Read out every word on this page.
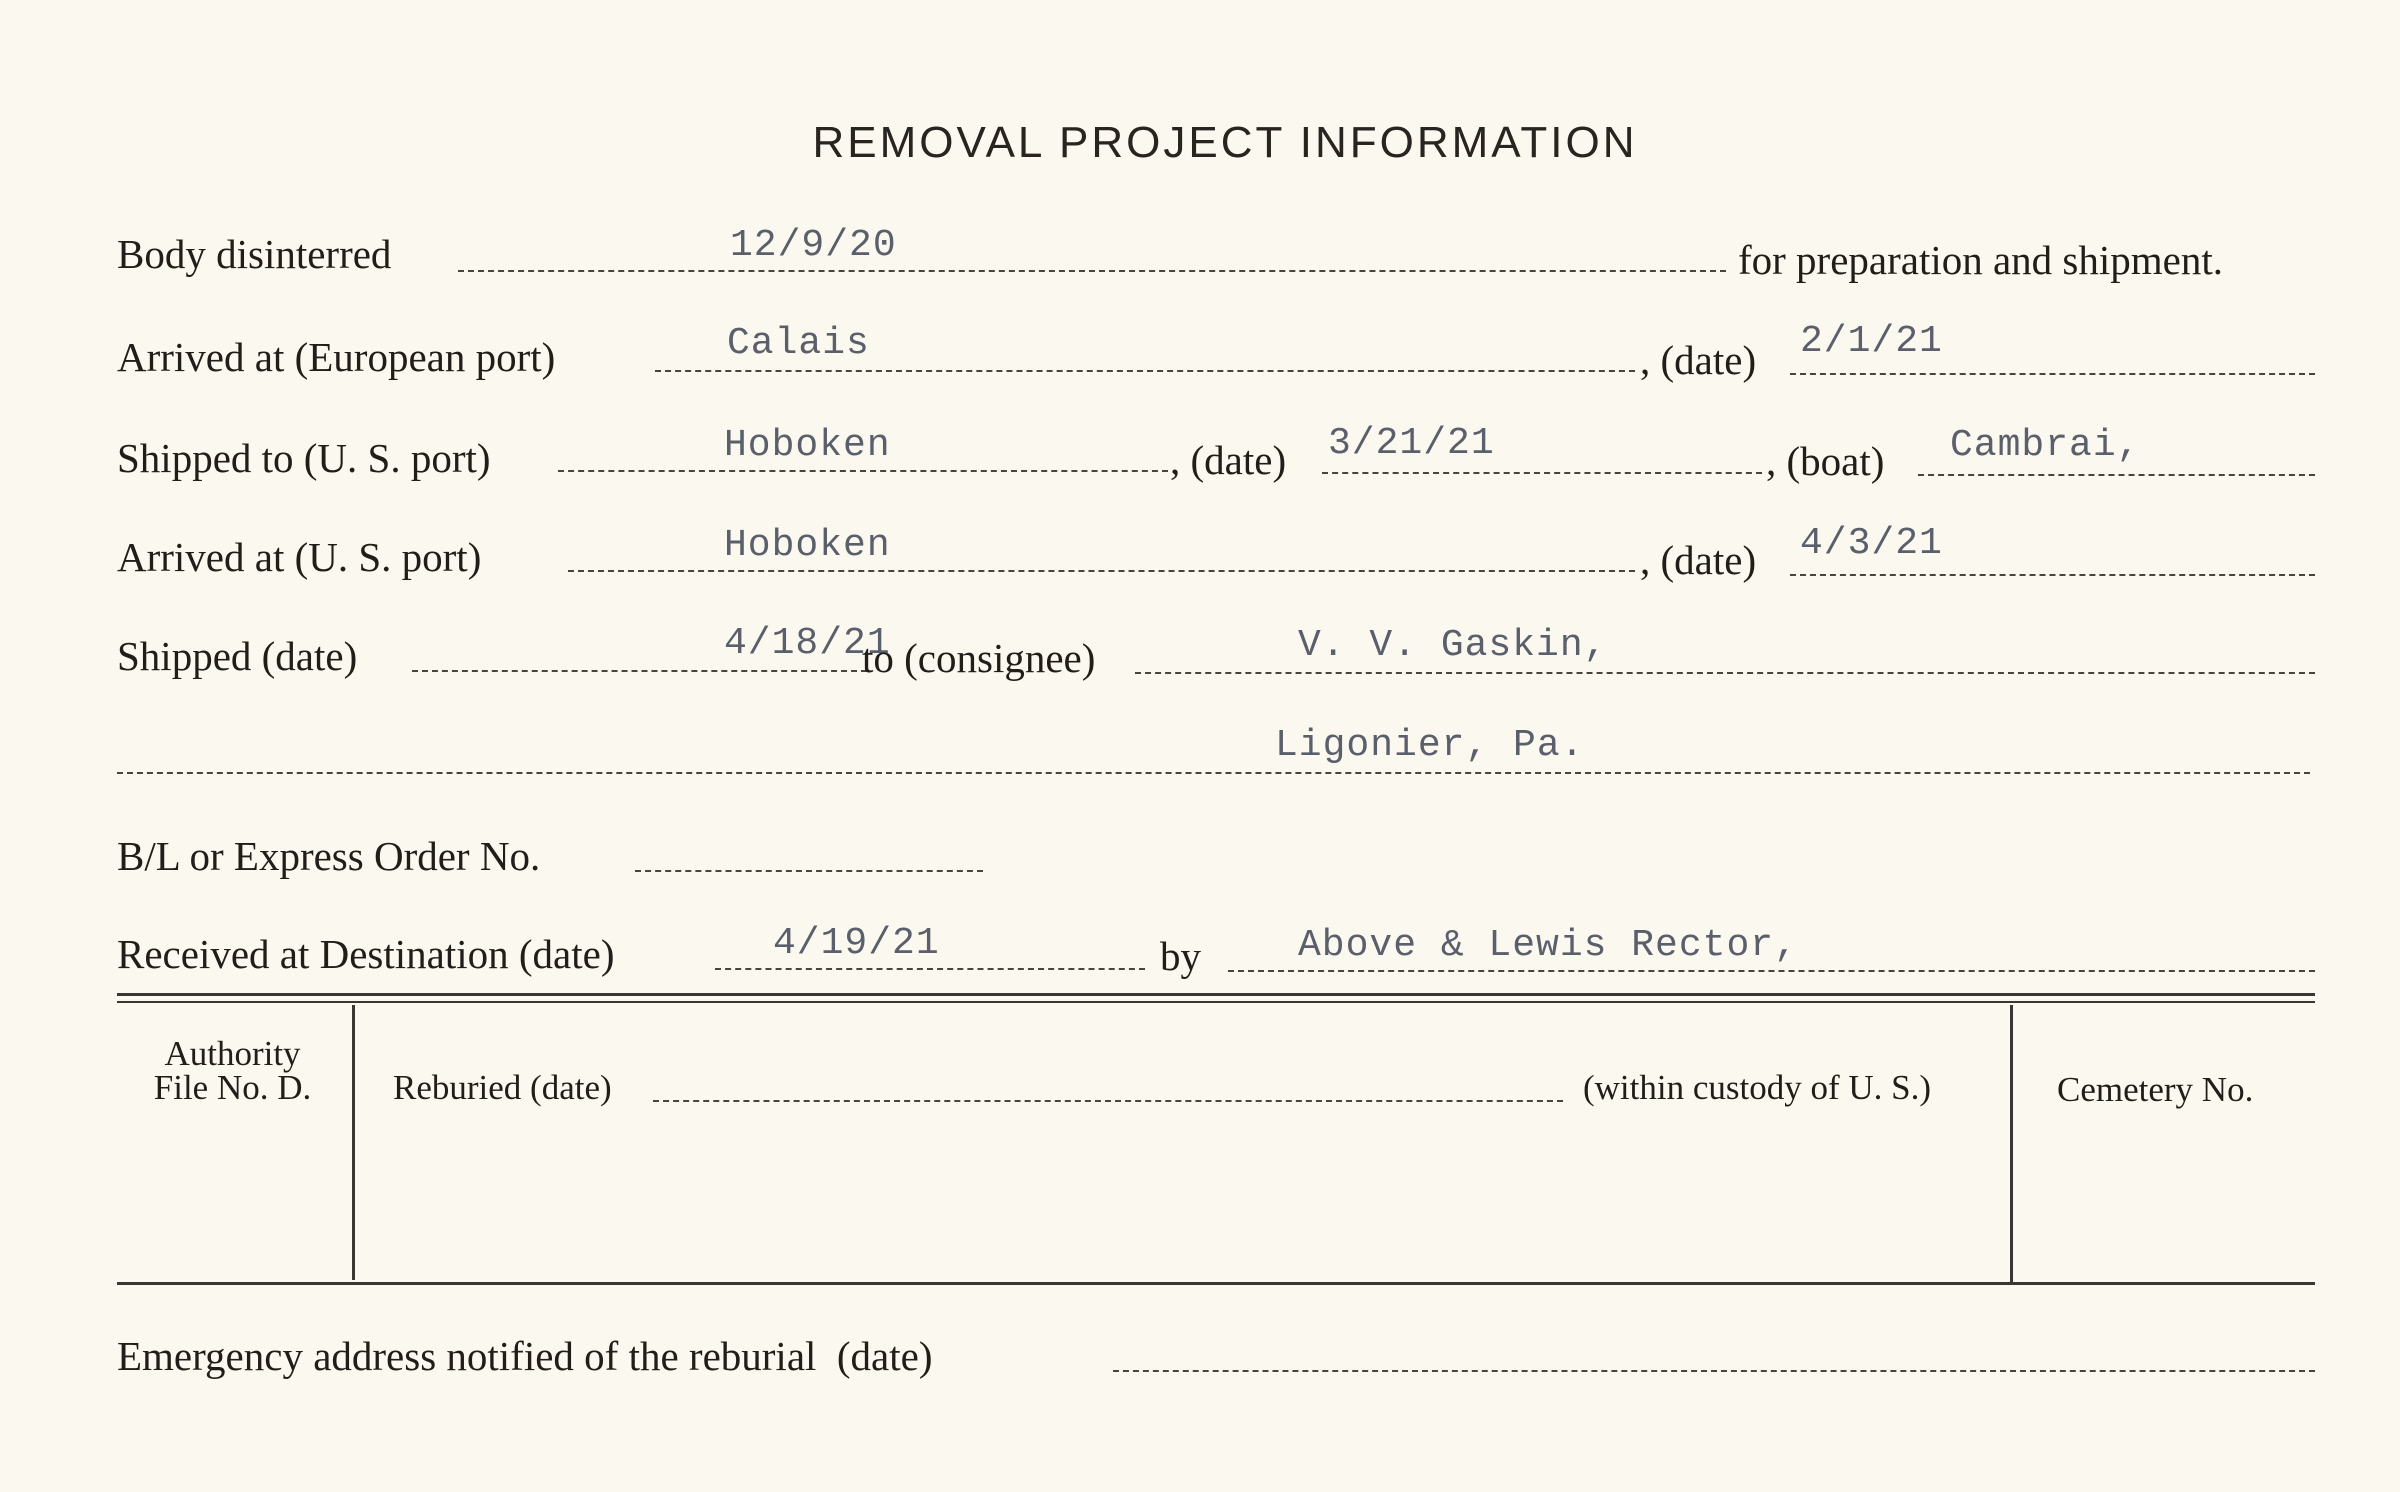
REMOVAL PROJECT INFORMATION
Body disinterred	12/9/20	for preparation and shipment.
Arrived at (European port)	Calais	, (date) 2/1/21
Shipped to (U. S. port)	Hoboken	, (date) 3/21/21	, (boat) Cambrai,
Arrived at (U. S. port)	Hoboken	, (date) 4/3/21
Shipped (date)	4/18/21
to (consignee)	V. V. Gaskin,
Ligonier, Pa.
B/L or Express Order No.
Received at Destination (date)	4/19/21	by	Above & Lewis Rector,
Authority
File No. D.	Reburied (date)	(within custody of U. S.)	Cemetery No.
Emergency address notified of the reburial (date)
